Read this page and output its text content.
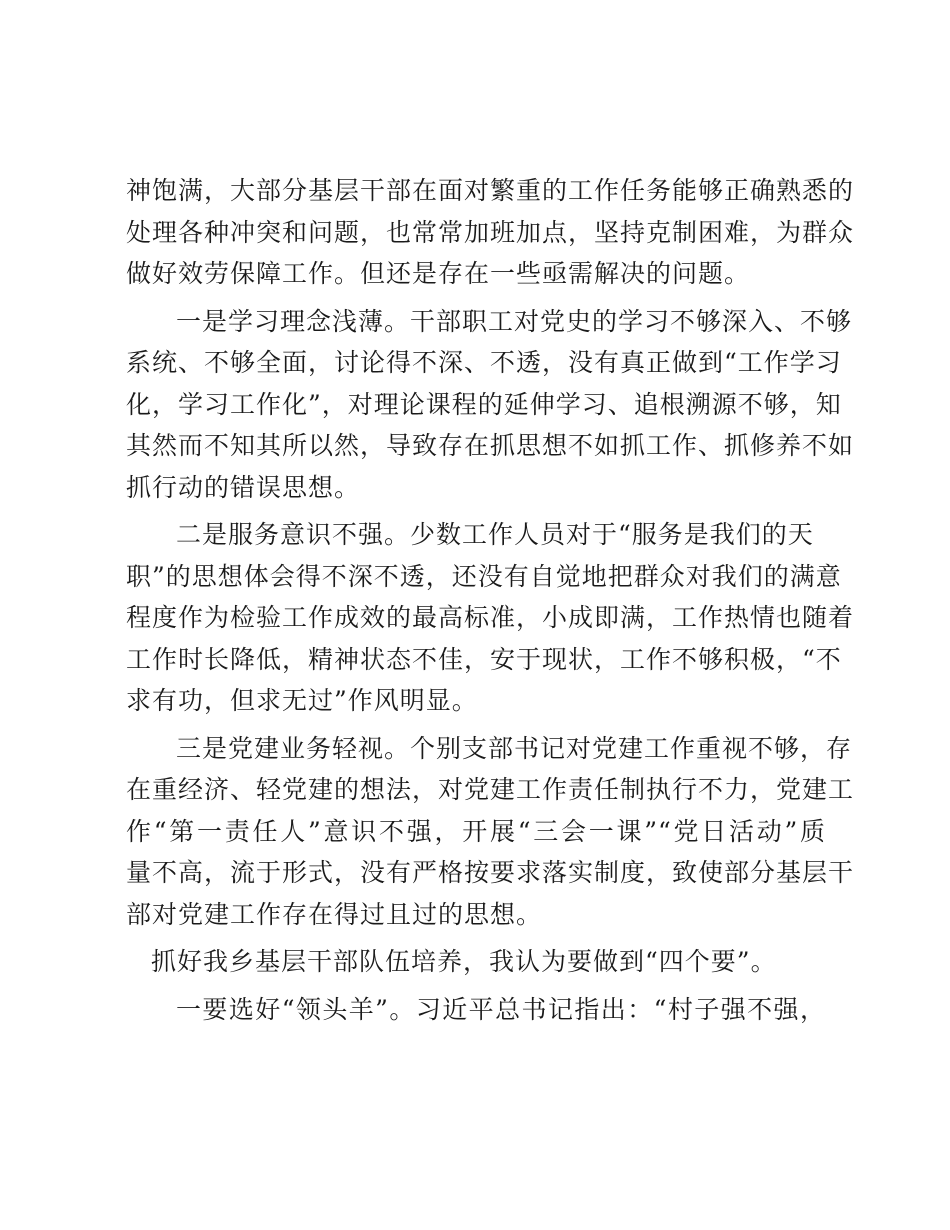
神饱满，大部分基层干部在面对繁重的工作任务能够正确熟悉的
处理各种冲突和问题，也常常加班加点，坚持克制困难，为群众
做好效劳保障工作。但还是存在一些亟需解决的问题。
一是学习理念浅薄。干部职工对党史的学习不够深入、不够
系统、不够全面，讨论得不深、不透，没有真正做到“工作学习
化，学习工作化”，对理论课程的延伸学习、追根溯源不够，知
其然而不知其所以然，导致存在抓思想不如抓工作、抓修养不如
抓行动的错误思想。
二是服务意识不强。少数工作人员对于“服务是我们的天
职”的思想体会得不深不透，还没有自觉地把群众对我们的满意
程度作为检验工作成效的最高标准，小成即满，工作热情也随着
工作时长降低，精神状态不佳，安于现状，工作不够积极，“不
求有功，但求无过”作风明显。
三是党建业务轻视。个别支部书记对党建工作重视不够，存
在重经济、轻党建的想法，对党建工作责任制执行不力，党建工
作“第一责任人”意识不强，开展“三会一课”“党日活动”质
量不高，流于形式，没有严格按要求落实制度，致使部分基层干
部对党建工作存在得过且过的思想。
抓好我乡基层干部队伍培养，我认为要做到“四个要”。
一要选好“领头羊”。习近平总书记指出：“村子强不强，
